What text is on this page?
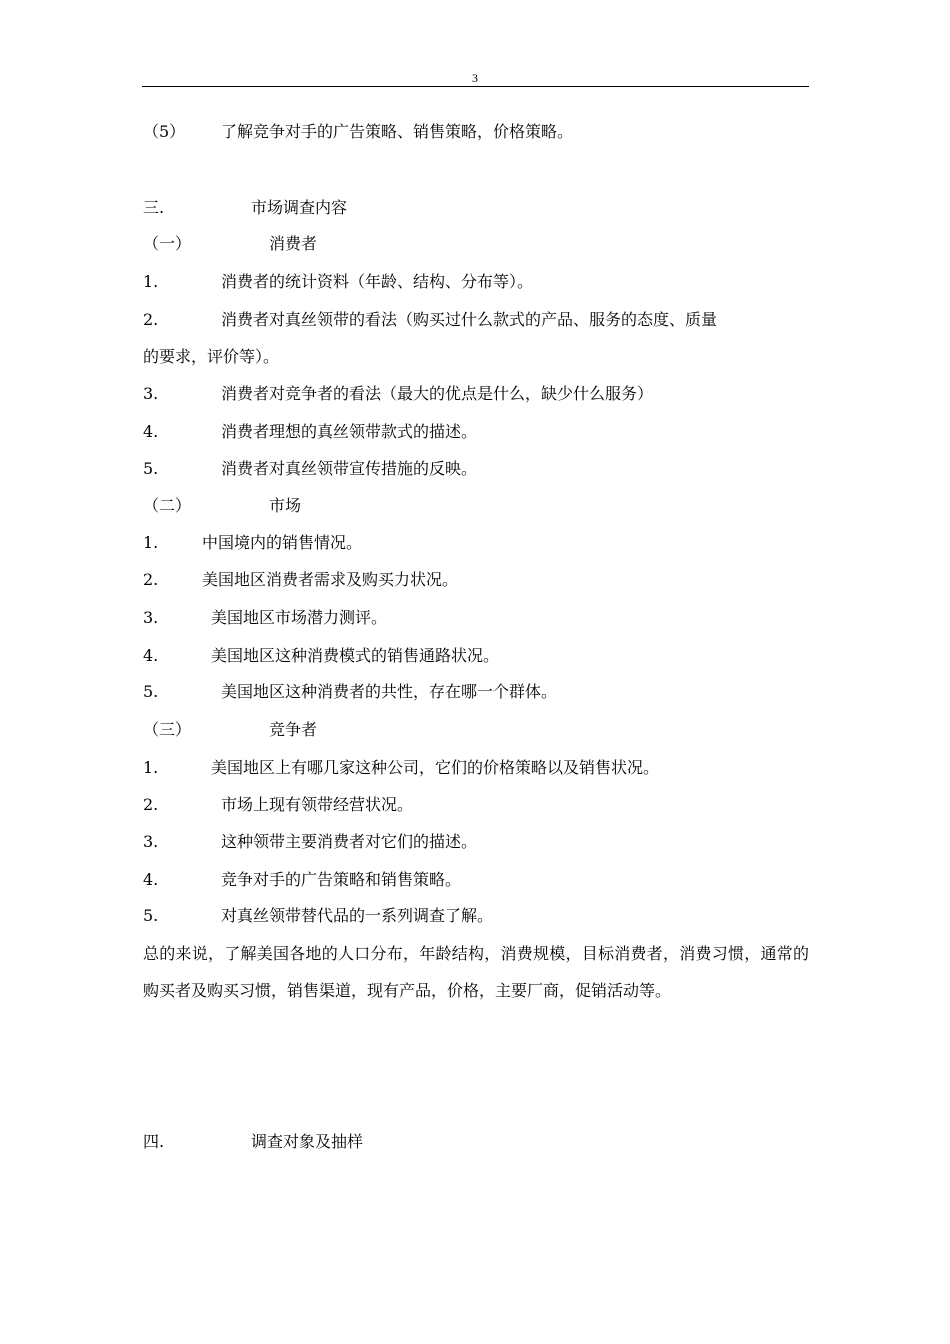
3
（5） 了解竞争对手的广告策略、销售策略，价格策略。
三.	市场调查内容
（一）	消费者
1.	消费者的统计资料（年龄、结构、分布等）。
2.	消费者对真丝领带的看法（购买过什么款式的产品、服务的态度、质量
的要求，评价等）。
3.	消费者对竞争者的看法（最大的优点是什么，缺少什么服务）
4.	消费者理想的真丝领带款式的描述。
5.	消费者对真丝领带宣传措施的反映。
（二）	市场
1.	中国境内的销售情况。
2.	美国地区消费者需求及购买力状况。
3.	美国地区市场潜力测评。
4.	美国地区这种消费模式的销售通路状况。
5.	美国地区这种消费者的共性，存在哪一个群体。
（三）	竞争者
1.	美国地区上有哪几家这种公司，它们的价格策略以及销售状况。
2.	市场上现有领带经营状况。
3.	这种领带主要消费者对它们的描述。
4.	竞争对手的广告策略和销售策略。
5.	对真丝领带替代品的一系列调查了解。
总的来说，了解美国各地的人口分布，年龄结构，消费规模，目标消费者，消费习惯，通常的购买者及购买习惯，销售渠道，现有产品，价格，主要厂商，促销活动等。
四.	调查对象及抽样
